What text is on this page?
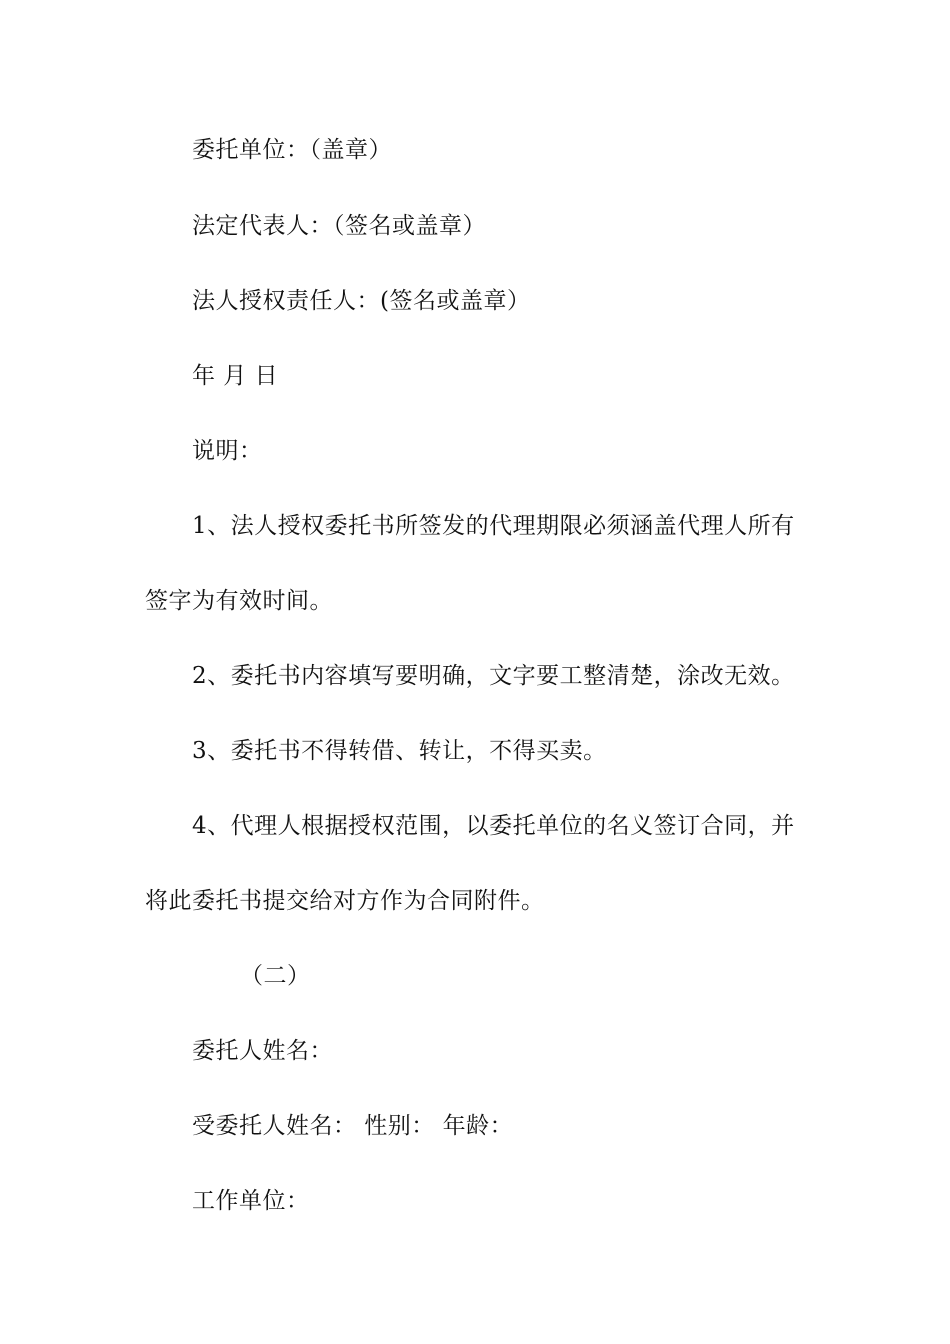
委托单位：（盖章）
法定代表人：（签名或盖章）
法人授权责任人：(签名或盖章）
年 月 日
说明：
1、法人授权委托书所签发的代理期限必须涵盖代理人所有
签字为有效时间。
2、委托书内容填写要明确，文字要工整清楚，涂改无效。
3、委托书不得转借、转让，不得买卖。
4、代理人根据授权范围，以委托单位的名义签订合同，并
将此委托书提交给对方作为合同附件。
（二）
委托人姓名：
受委托人姓名： 性别： 年龄：
工作单位：
